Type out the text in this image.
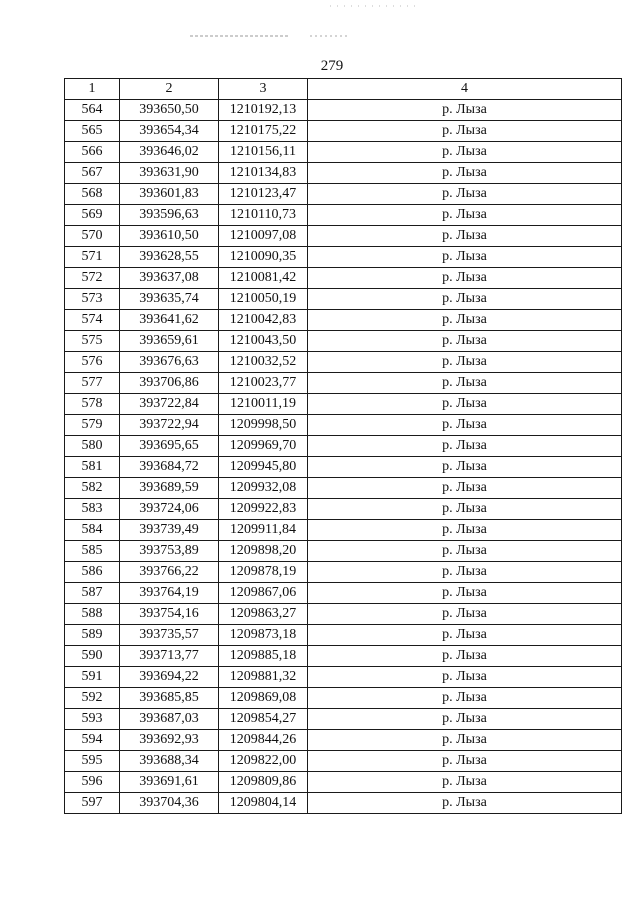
279
1	2	3	4
564	393650,50	1210192,13	р. Лыза
565	393654,34	1210175,22	р. Лыза
566	393646,02	1210156,11	р. Лыза
567	393631,90	1210134,83	р. Лыза
568	393601,83	1210123,47	р. Лыза
569	393596,63	1210110,73	р. Лыза
570	393610,50	1210097,08	р. Лыза
571	393628,55	1210090,35	р. Лыза
572	393637,08	1210081,42	р. Лыза
573	393635,74	1210050,19	р. Лыза
574	393641,62	1210042,83	р. Лыза
575	393659,61	1210043,50	р. Лыза
576	393676,63	1210032,52	р. Лыза
577	393706,86	1210023,77	р. Лыза
578	393722,84	1210011,19	р. Лыза
579	393722,94	1209998,50	р. Лыза
580	393695,65	1209969,70	р. Лыза
581	393684,72	1209945,80	р. Лыза
582	393689,59	1209932,08	р. Лыза
583	393724,06	1209922,83	р. Лыза
584	393739,49	1209911,84	р. Лыза
585	393753,89	1209898,20	р. Лыза
586	393766,22	1209878,19	р. Лыза
587	393764,19	1209867,06	р. Лыза
588	393754,16	1209863,27	р. Лыза
589	393735,57	1209873,18	р. Лыза
590	393713,77	1209885,18	р. Лыза
591	393694,22	1209881,32	р. Лыза
592	393685,85	1209869,08	р. Лыза
593	393687,03	1209854,27	р. Лыза
594	393692,93	1209844,26	р. Лыза
595	393688,34	1209822,00	р. Лыза
596	393691,61	1209809,86	р. Лыза
597	393704,36	1209804,14	р. Лыза
